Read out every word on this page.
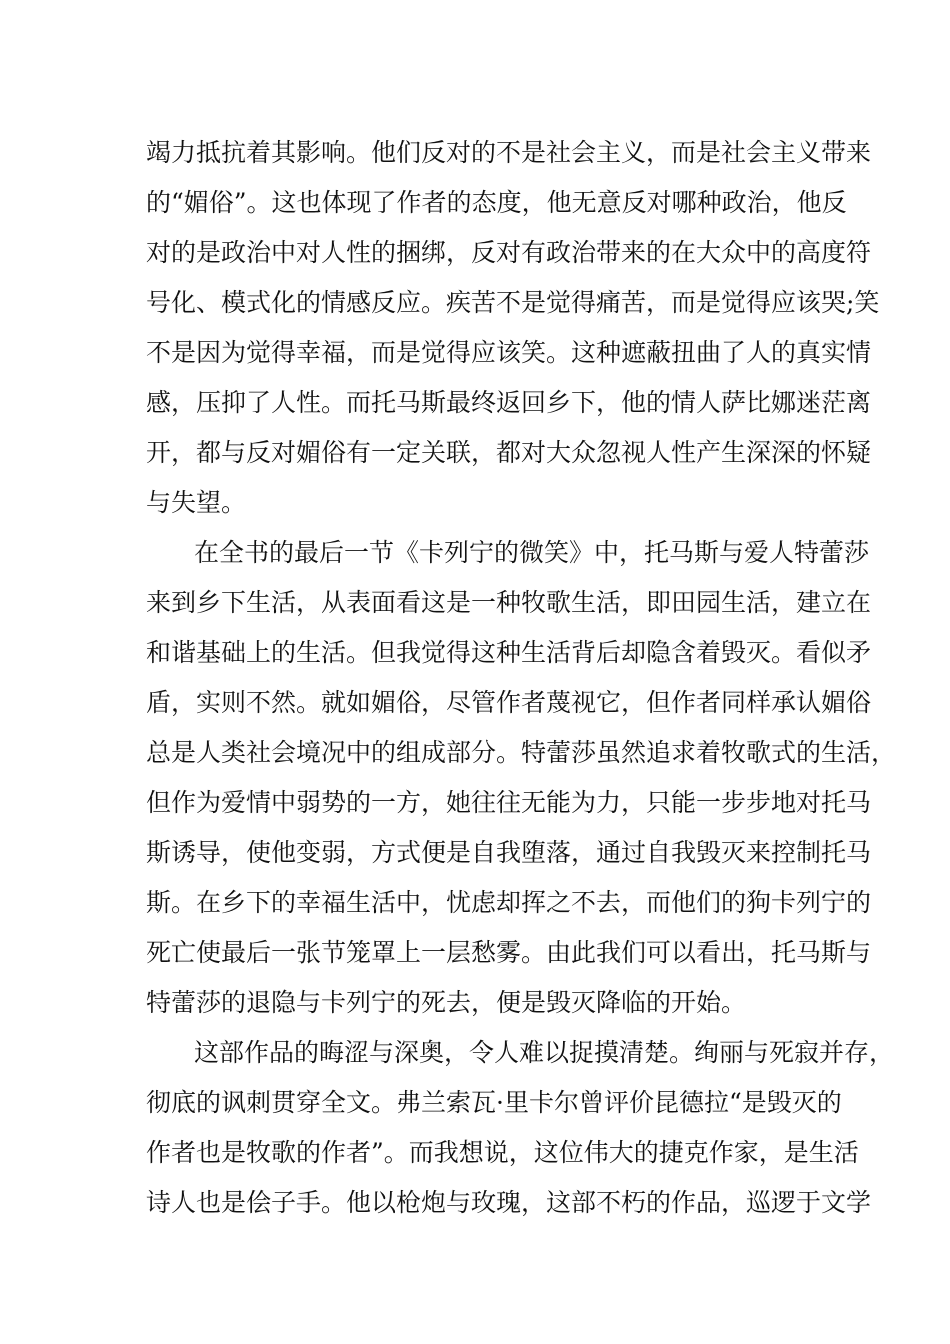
竭力抵抗着其影响。他们反对的不是社会主义，而是社会主义带来
的“媚俗”。这也体现了作者的态度，他无意反对哪种政治，他反
对的是政治中对人性的捆绑，反对有政治带来的在大众中的高度符
号化、模式化的情感反应。疾苦不是觉得痛苦，而是觉得应该哭;笑
不是因为觉得幸福，而是觉得应该笑。这种遮蔽扭曲了人的真实情
感，压抑了人性。而托马斯最终返回乡下，他的情人萨比娜迷茫离
开，都与反对媚俗有一定关联，都对大众忽视人性产生深深的怀疑
与失望。
在全书的最后一节《卡列宁的微笑》中，托马斯与爱人特蕾莎
来到乡下生活，从表面看这是一种牧歌生活，即田园生活，建立在
和谐基础上的生活。但我觉得这种生活背后却隐含着毁灭。看似矛
盾，实则不然。就如媚俗，尽管作者蔑视它，但作者同样承认媚俗
总是人类社会境况中的组成部分。特蕾莎虽然追求着牧歌式的生活，
但作为爱情中弱势的一方，她往往无能为力，只能一步步地对托马
斯诱导，使他变弱，方式便是自我堕落，通过自我毁灭来控制托马
斯。在乡下的幸福生活中，忧虑却挥之不去，而他们的狗卡列宁的
死亡使最后一张节笼罩上一层愁雾。由此我们可以看出，托马斯与
特蕾莎的退隐与卡列宁的死去，便是毁灭降临的开始。
这部作品的晦涩与深奥，令人难以捉摸清楚。绚丽与死寂并存，
彻底的讽刺贯穿全文。弗兰索瓦·里卡尔曾评价昆德拉“是毁灭的
作者也是牧歌的作者”。而我想说，这位伟大的捷克作家，是生活
诗人也是侩子手。他以枪炮与玫瑰，这部不朽的作品，巡逻于文学
